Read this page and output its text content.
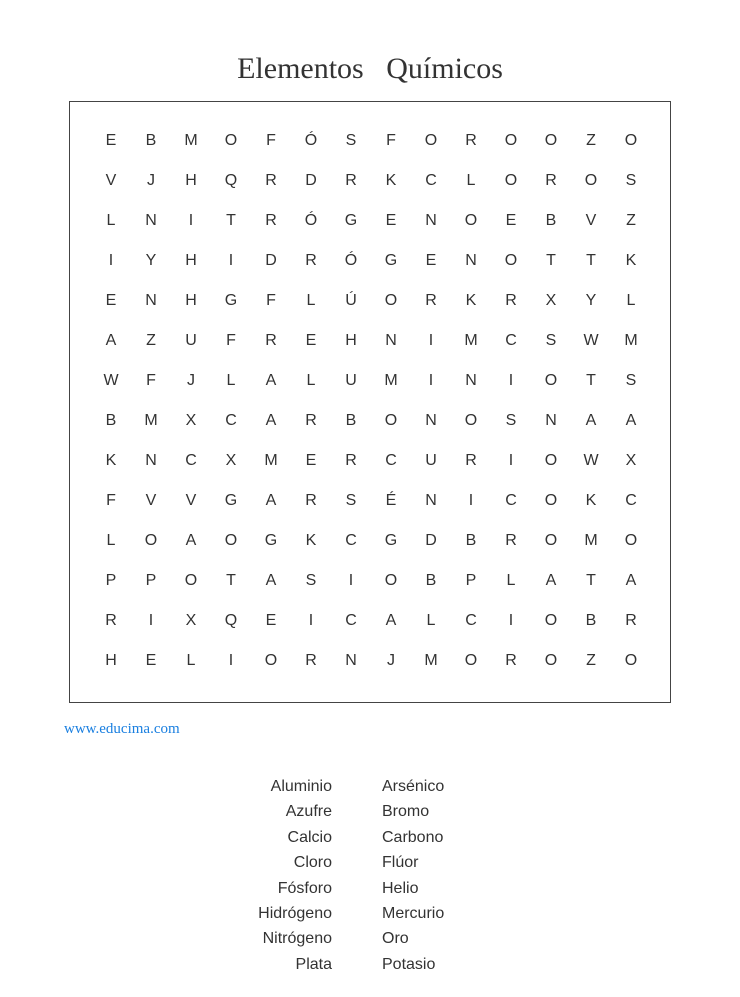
Elementos   Químicos
E	B	M	O	F	Ó	S	F	O	R	O	O	Z	O
V	J	H	Q	R	D	R	K	C	L	O	R	O	S
L	N	I	T	R	Ó	G	E	N	O	E	B	V	Z
I	Y	H	I	D	R	Ó	G	E	N	O	T	T	K
E	N	H	G	F	L	Ú	O	R	K	R	X	Y	L
A	Z	U	F	R	E	H	N	I	M	C	S	W	M
W	F	J	L	A	L	U	M	I	N	I	O	T	S
B	M	X	C	A	R	B	O	N	O	S	N	A	A
K	N	C	X	M	E	R	C	U	R	I	O	W	X
F	V	V	G	A	R	S	É	N	I	C	O	K	C
L	O	A	O	G	K	C	G	D	B	R	O	M	O
P	P	O	T	A	S	I	O	B	P	L	A	T	A
R	I	X	Q	E	I	C	A	L	C	I	O	B	R
H	E	L	I	O	R	N	J	M	O	R	O	Z	O
www.educima.com
Aluminio
Azufre
Calcio
Cloro
Fósforo
Hidrógeno
Nitrógeno
Plata
Arsénico
Bromo
Carbono
Flúor
Helio
Mercurio
Oro
Potasio
